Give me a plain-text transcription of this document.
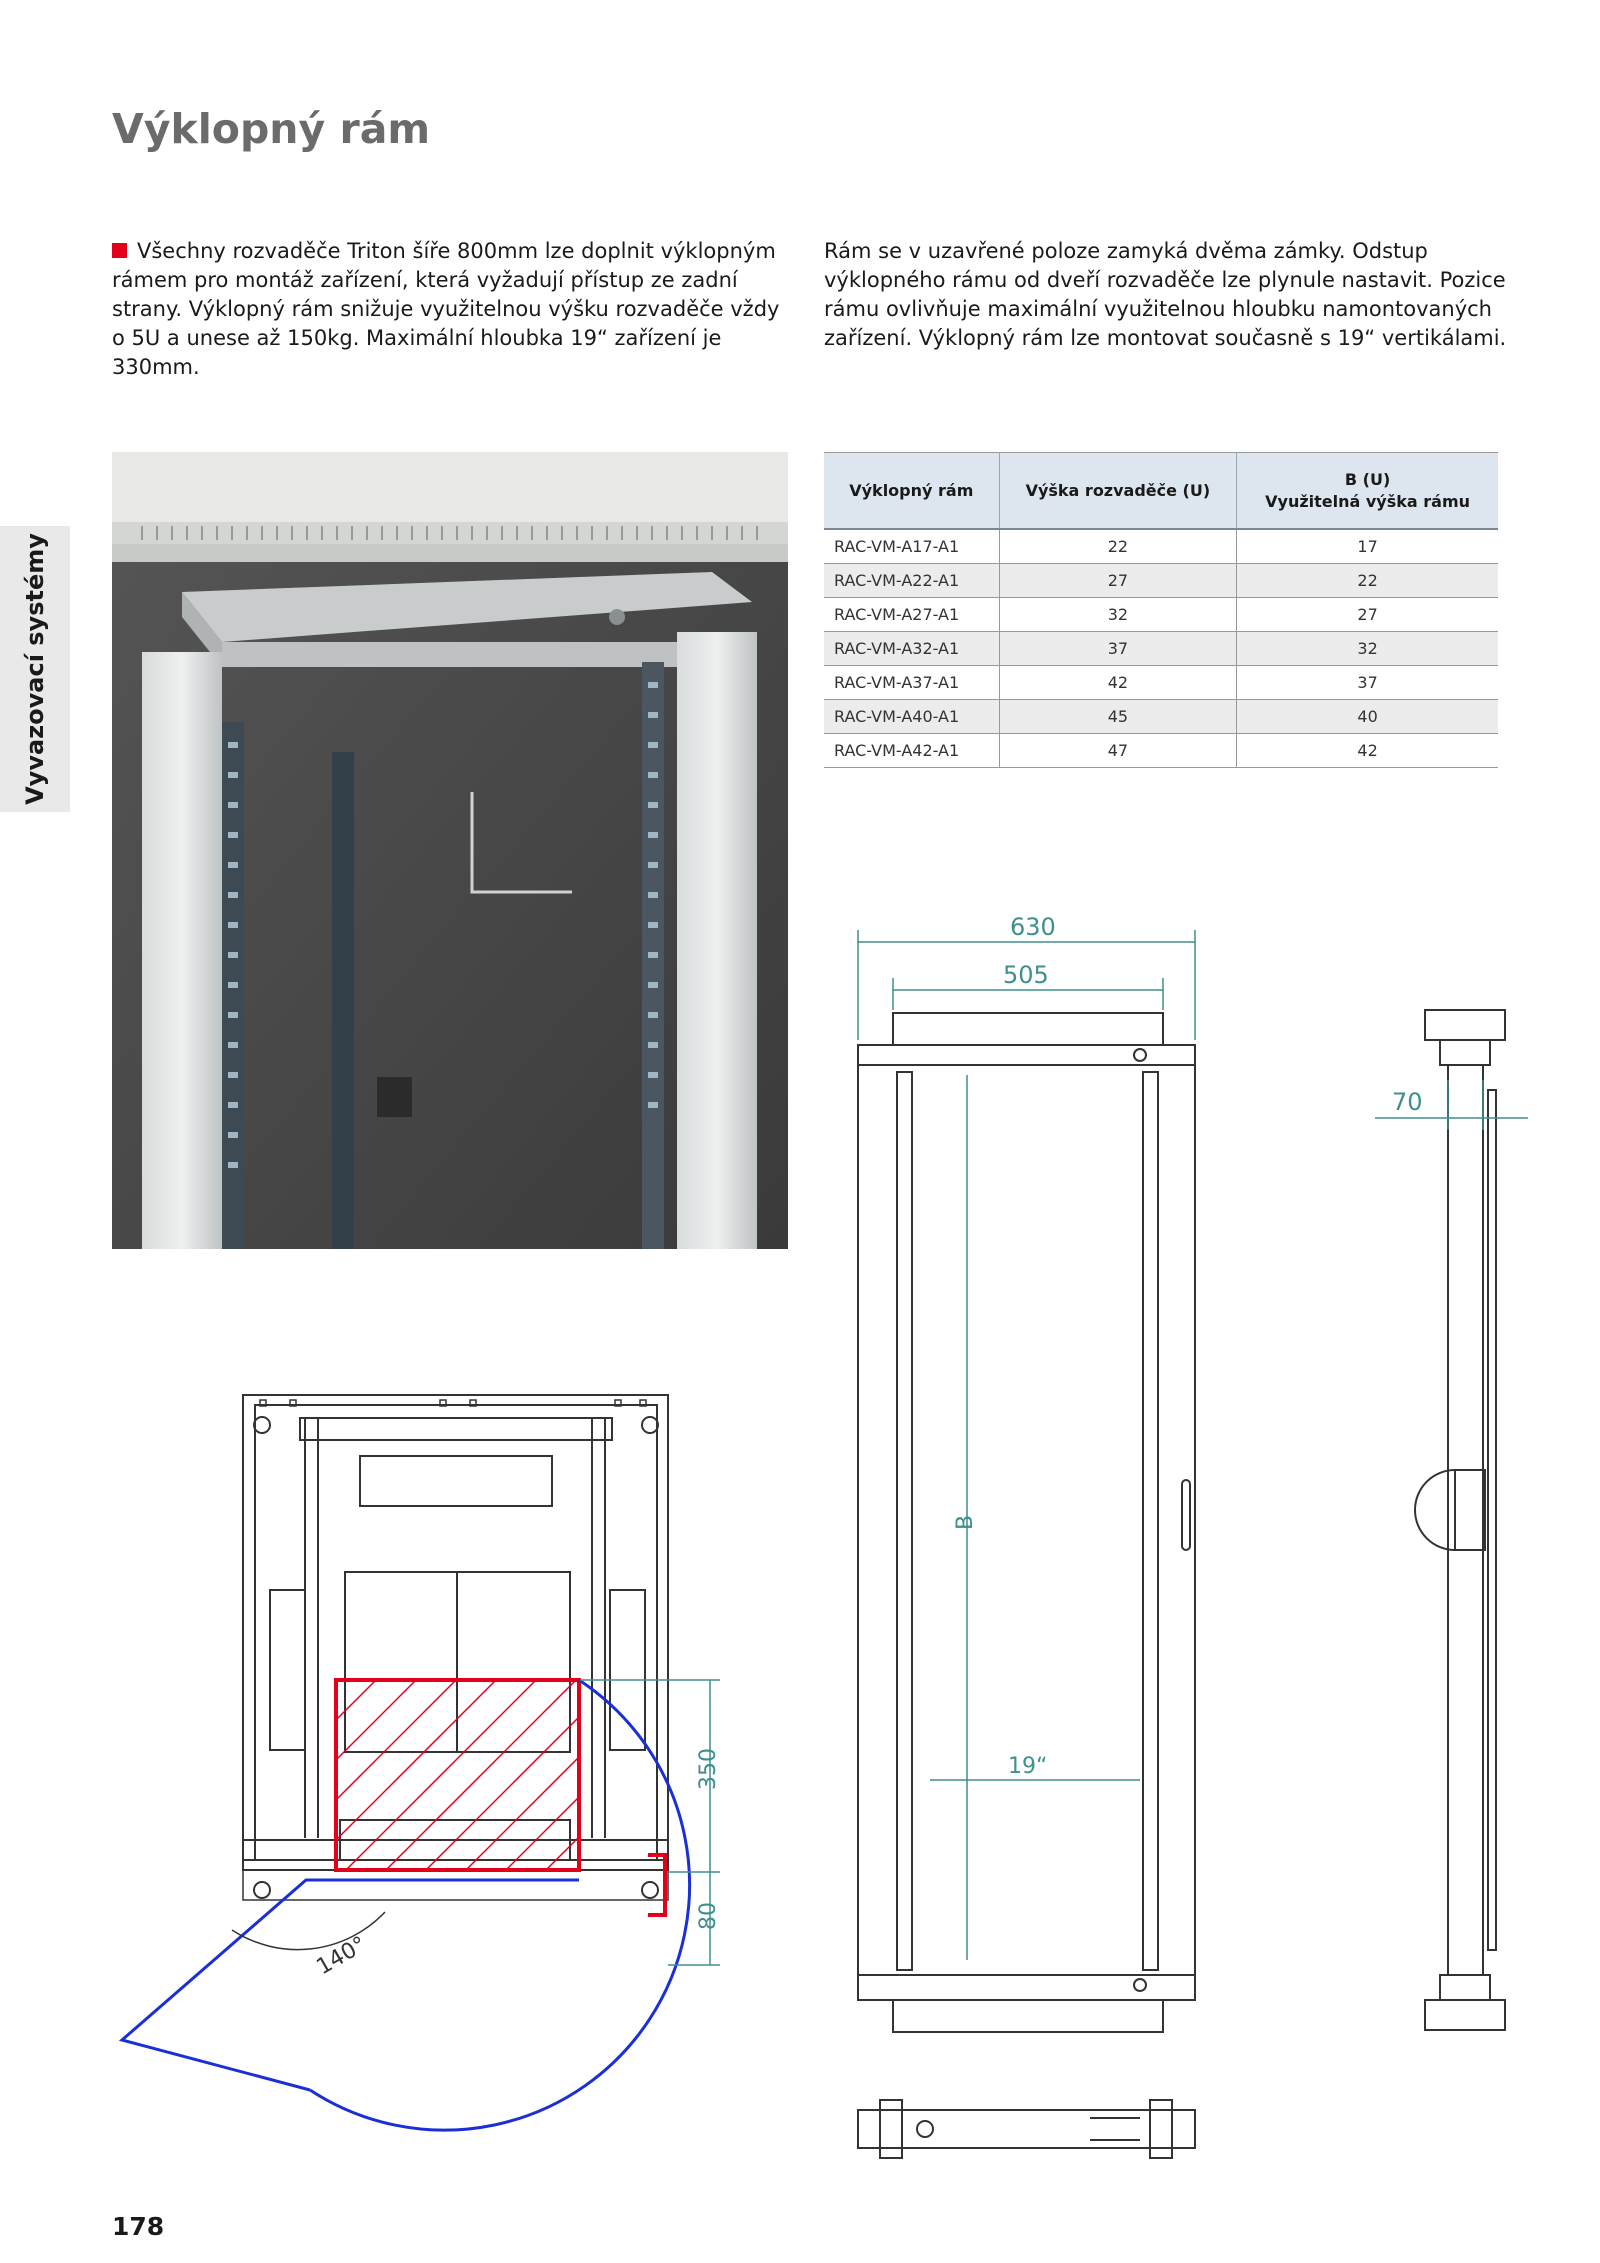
Výklopný rám
Všechny rozvaděče Triton šíře 800mm lze doplnit výklopným rámem pro montáž zařízení, která vyžadují přístup ze zadní strany. Výklopný rám snižuje využitelnou výšku rozvaděče vždy o 5U a unese až 150kg. Maximální hloubka 19“ zařízení je 330mm.
Rám se v uzavřené poloze zamyká dvěma zámky. Odstup výklopného rámu od dveří rozvaděče lze plynule nastavit. Pozice rámu ovlivňuje maximální využitelnou hloubku namontovaných zařízení. Výklopný rám lze montovat současně s 19“ vertikálami.
Vyvazovací systémy
Výklopný rám	Výška rozvaděče (U)	B (U)
Využitelná výška rámu
RAC-VM-A17-A1	22	17
RAC-VM-A22-A1	27	22
RAC-VM-A27-A1	32	27
RAC-VM-A32-A1	37	32
RAC-VM-A37-A1	42	37
RAC-VM-A40-A1	45	40
RAC-VM-A42-A1	47	42
140°
350
80
630
505
B
19“
70
178
